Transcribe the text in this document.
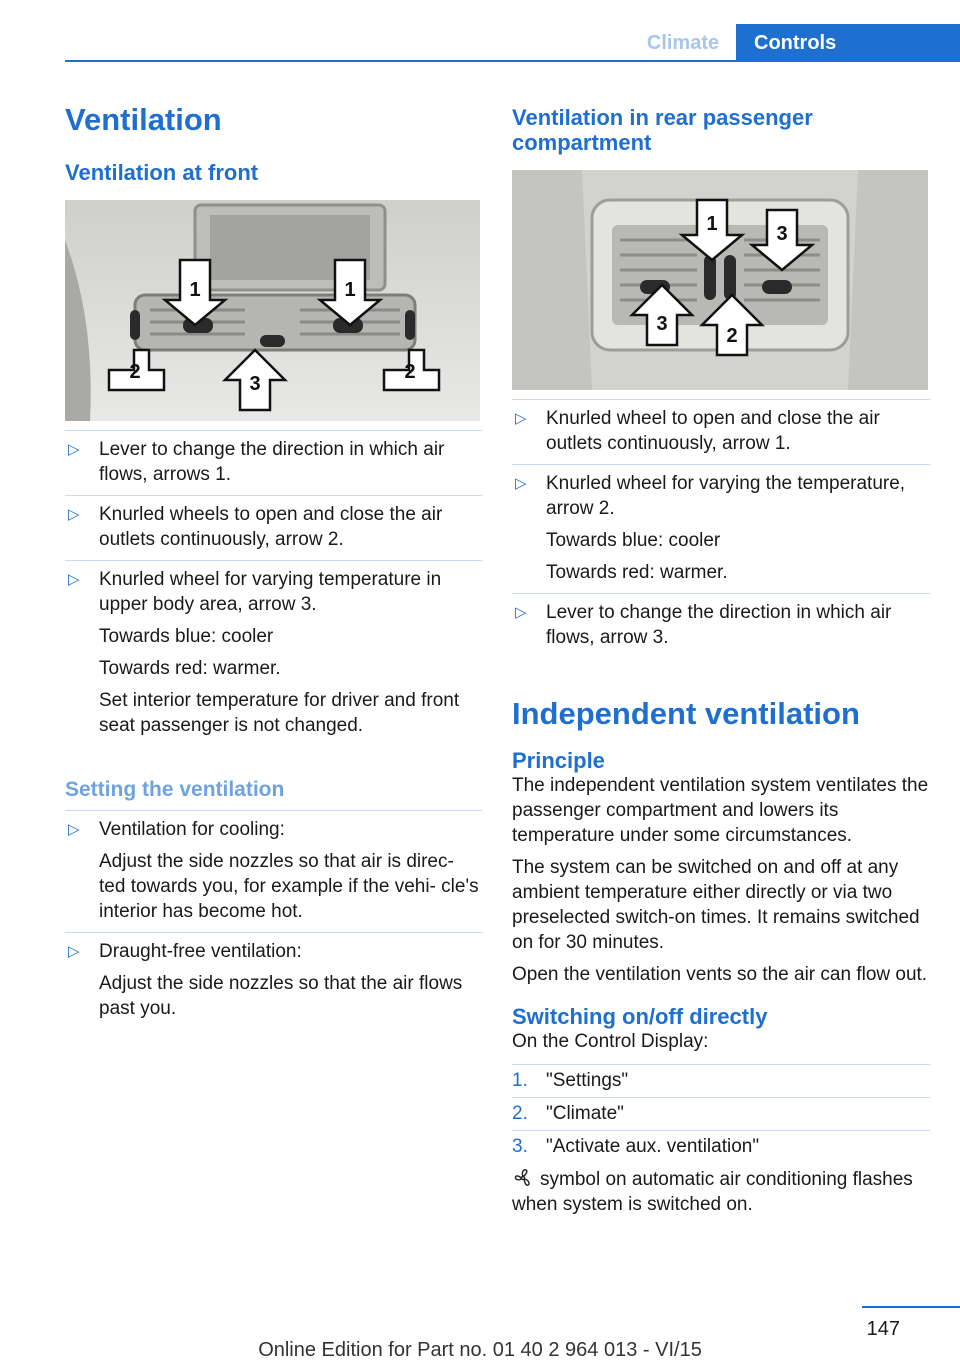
Climate	Controls
Ventilation
Ventilation at front
1	1
2
3
2
▷ Lever to change the direction in which air flows, arrows 1.
▷ Knurled wheels to open and close the air outlets continuously, arrow 2.
▷ Knurled wheel for varying temperature in upper body area, arrow 3.
Towards blue: cooler
Towards red: warmer.
Set interior temperature for driver and front seat passenger is not changed.
Setting the ventilation
▷ Ventilation for cooling:
Adjust the side nozzles so that air is direc‐ ted towards you, for example if the vehi‐ cle's interior has become hot.
▷ Draught-free ventilation:
Adjust the side nozzles so that the air flows past you.
Ventilation in rear passenger compartment
1	3
3
2
▷ Knurled wheel to open and close the air outlets continuously, arrow 1.
▷ Knurled wheel for varying the temperature, arrow 2.
Towards blue: cooler
Towards red: warmer.
▷ Lever to change the direction in which air flows, arrow 3.
Independent ventilation
Principle

The independent ventilation system ventilates the passenger compartment and lowers its temperature under some circumstances.

The system can be switched on and off at any ambient temperature either directly or via two preselected switch-on times. It remains switched on for 30 minutes.

Open the ventilation vents so the air can flow out.

Switching on/off directly

On the Control Display:

1. "Settings"
2. "Climate"
3. "Activate aux. ventilation"

symbol on automatic air conditioning flashes when system is switched on.

147
Online Edition for Part no. 01 40 2 964 013 - VI/15
